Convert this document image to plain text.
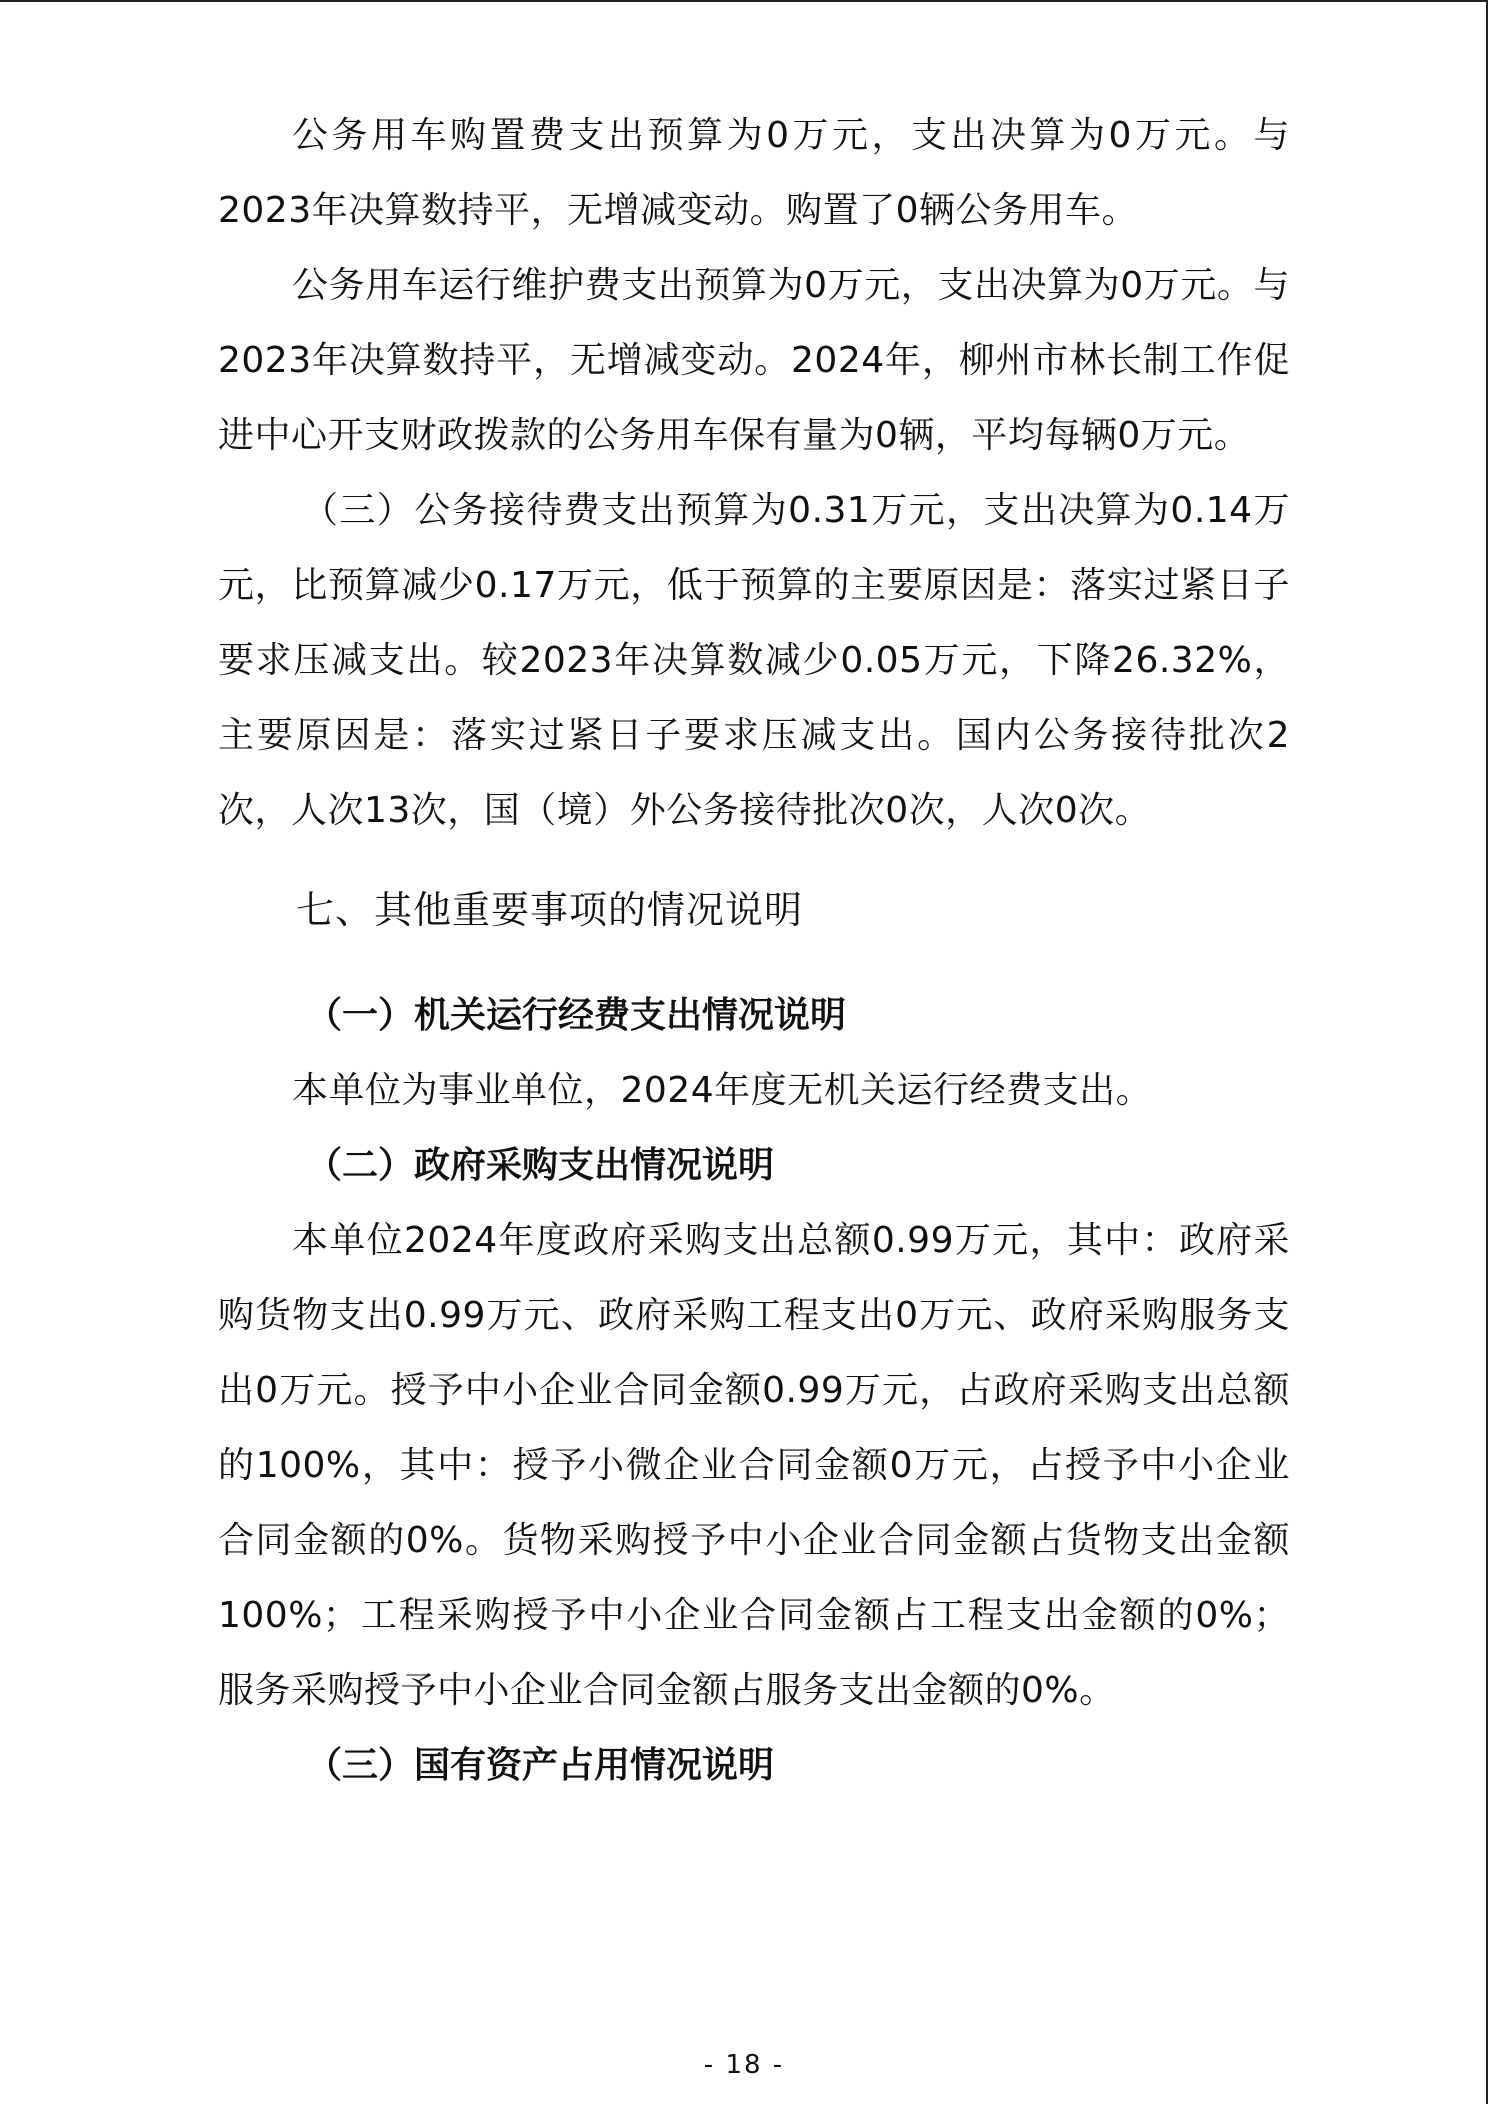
公务用车购置费支出预算为0万元，支出决算为0万元。与2023年决算数持平，无增减变动。购置了0辆公务用车。

公务用车运行维护费支出预算为0万元，支出决算为0万元。与2023年决算数持平，无增减变动。2024年，柳州市林长制工作促进中心开支财政拨款的公务用车保有量为0辆，平均每辆0万元。

（三）公务接待费支出预算为0.31万元，支出决算为0.14万元，比预算减少0.17万元，低于预算的主要原因是：落实过紧日子要求压减支出。较2023年决算数减少0.05万元，下降26.32%，主要原因是：落实过紧日子要求压减支出。国内公务接待批次2次，人次13次，国（境）外公务接待批次0次，人次0次。

七、其他重要事项的情况说明

（一）机关运行经费支出情况说明

本单位为事业单位，2024年度无机关运行经费支出。

（二）政府采购支出情况说明

本单位2024年度政府采购支出总额0.99万元，其中：政府采购货物支出0.99万元、政府采购工程支出0万元、政府采购服务支出0万元。授予中小企业合同金额0.99万元，占政府采购支出总额的100%，其中：授予小微企业合同金额0万元，占授予中小企业合同金额的0%。货物采购授予中小企业合同金额占货物支出金额100%；工程采购授予中小企业合同金额占工程支出金额的0%；服务采购授予中小企业合同金额占服务支出金额的0%。

（三）国有资产占用情况说明

- 18 -
